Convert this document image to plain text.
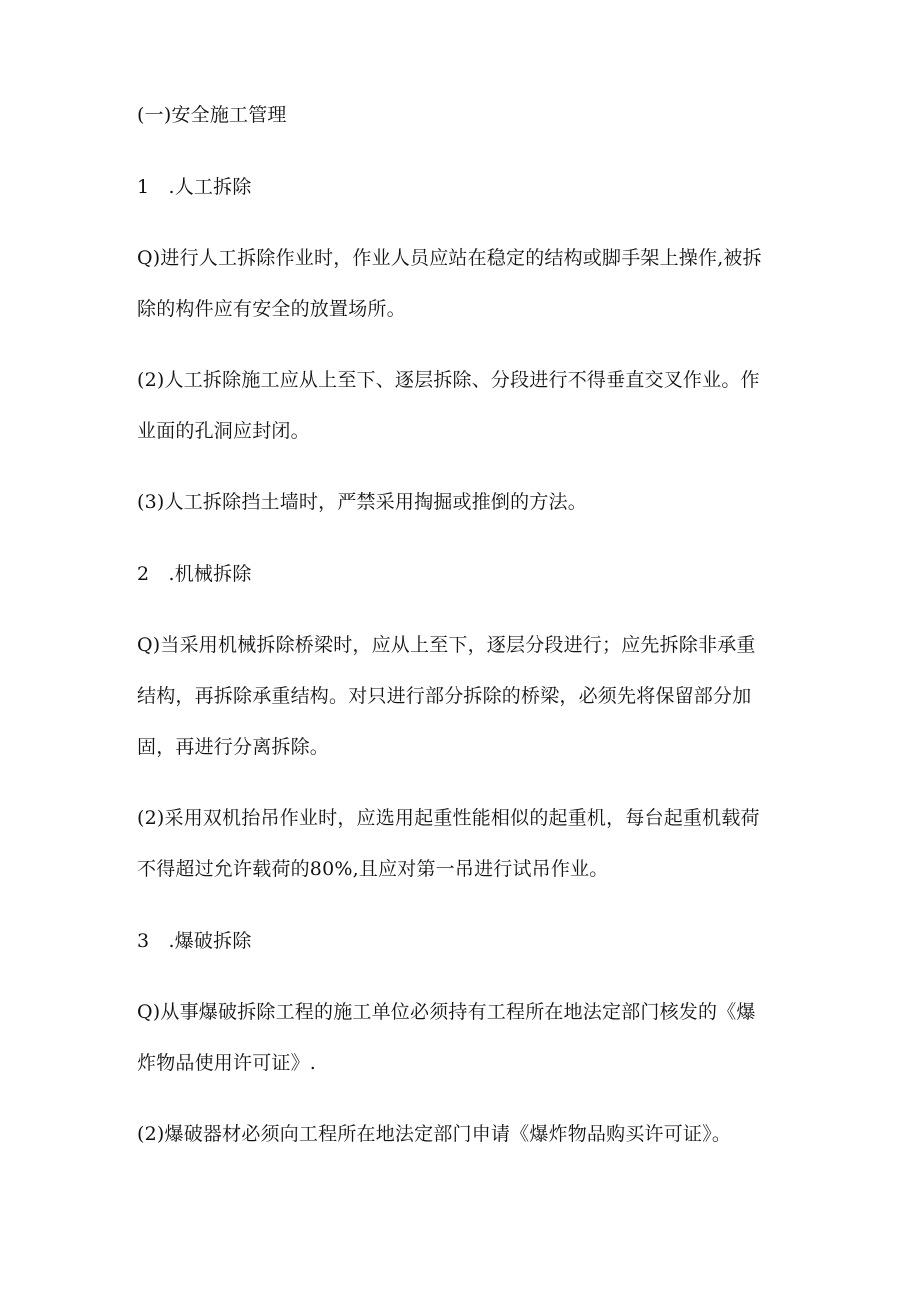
(一)安全施工管理
1　.人工拆除
Q)进行人工拆除作业时，作业人员应站在稳定的结构或脚手架上操作,被拆
除的构件应有安全的放置场所。
(2)人工拆除施工应从上至下、逐层拆除、分段进行不得垂直交叉作业。作
业面的孔洞应封闭。
(3)人工拆除挡土墙时，严禁采用掏掘或推倒的方法。
2　.机械拆除
Q)当采用机械拆除桥梁时，应从上至下，逐层分段进行；应先拆除非承重
结构，再拆除承重结构。对只进行部分拆除的桥梁，必须先将保留部分加
固，再进行分离拆除。
(2)采用双机抬吊作业时，应选用起重性能相似的起重机，每台起重机载荷
不得超过允许载荷的80%,且应对第一吊进行试吊作业。
3　.爆破拆除
Q)从事爆破拆除工程的施工单位必须持有工程所在地法定部门核发的《爆
炸物品使用许可证》.
(2)爆破器材必须向工程所在地法定部门申请《爆炸物品购买许可证》。
